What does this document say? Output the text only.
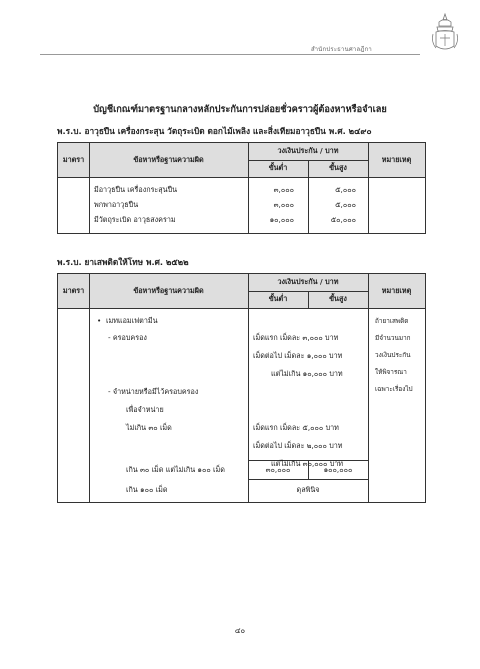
สำนักประธานศาลฎีกา
บัญชีเกณฑ์มาตรฐานกลางหลักประกันการปล่อยชั่วคราวผู้ต้องหาหรือจำเลย
พ.ร.บ. อาวุธปืน เครื่องกระสุน วัตถุระเบิด ดอกไม้เพลิง และสิ่งเทียมอาวุธปืน พ.ศ. ๒๔๙๐
มาตรา	ข้อหาหรือฐานความผิด
วงเงินประกัน / บาท
ขั้นต่ำ	ขั้นสูง
หมายเหตุ
มีอาวุธปืน เครื่องกระสุนปืน	๓,๐๐๐	๕,๐๐๐
พกพาอาวุธปืน	๓,๐๐๐	๕,๐๐๐
มีวัตถุระเบิด อาวุธสงคราม	๑๐,๐๐๐	๕๐,๐๐๐
พ.ร.บ. ยาเสพติดให้โทษ พ.ศ. ๒๕๒๒
มาตรา	ข้อหาหรือฐานความผิด
วงเงินประกัน / บาท
ขั้นต่ำ	ขั้นสูง
หมายเหตุ
• เมทแอมเฟตามีน
- ครอบครอง	เม็ดแรก เม็ดละ ๓,๐๐๐ บาท
เม็ดต่อไป เม็ดละ ๑,๐๐๐ บาท
แต่ไม่เกิน ๑๐,๐๐๐ บาท
- จำหน่ายหรือมีไว้ครอบครอง
เพื่อจำหน่าย
ไม่เกิน ๓๐ เม็ด	เม็ดแรก เม็ดละ ๕,๐๐๐ บาท
เม็ดต่อไป เม็ดละ ๒,๐๐๐ บาท
แต่ไม่เกิน ๓๐,๐๐๐ บาท
เกิน ๓๐ เม็ด แต่ไม่เกิน ๑๐๐ เม็ด	๓๐,๐๐๐	๑๐๐,๐๐๐
เกิน ๑๐๐ เม็ด	ดุลพินิจ
ถ้ายาเสพติด
มีจำนวนมาก
วงเงินประกัน
ให้พิจารณา
เฉพาะเรื่องไป
๔๐
